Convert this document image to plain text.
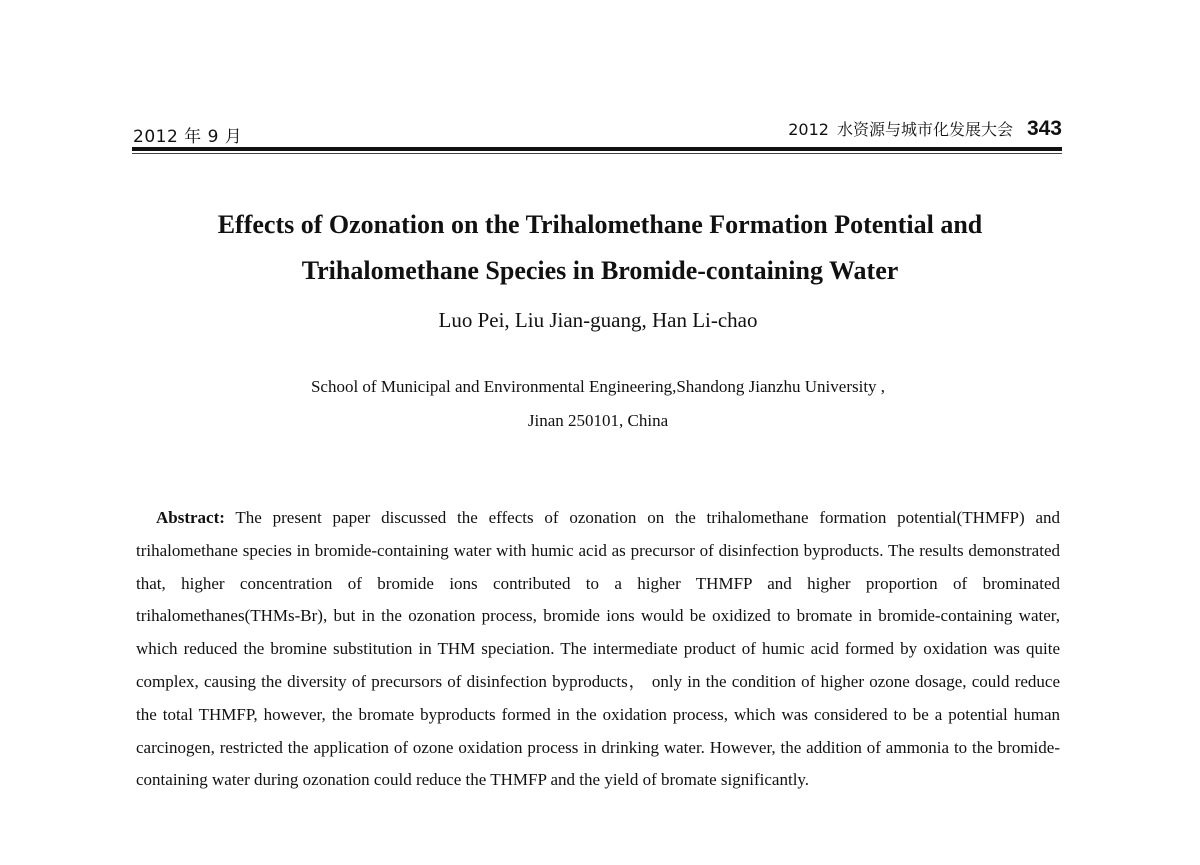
2012 年 9 月	2012 水资源与城市化发展大会 343
Effects of Ozonation on the Trihalomethane Formation Potential and
Trihalomethane Species in Bromide-containing Water
Luo Pei, Liu Jian-guang, Han Li-chao
School of Municipal and Environmental Engineering,Shandong Jianzhu University ,
Jinan 250101, China
Abstract: The present paper discussed the effects of ozonation on the trihalomethane formation potential(THMFP) and trihalomethane species in bromide-containing water with humic acid as precursor of disinfection byproducts. The results demonstrated that, higher concentration of bromide ions contributed to a higher THMFP and higher proportion of brominated trihalomethanes(THMs-Br), but in the ozonation process, bromide ions would be oxidized to bromate in bromide-containing water, which reduced the bromine substitution in THM speciation. The intermediate product of humic acid formed by oxidation was quite complex, causing the diversity of precursors of disinfection byproducts， only in the condition of higher ozone dosage, could reduce the total THMFP, however, the bromate byproducts formed in the oxidation process, which was considered to be a potential human carcinogen, restricted the application of ozone oxidation process in drinking water. However, the addition of ammonia to the bromide-containing water during ozonation could reduce the THMFP and the yield of bromate significantly.
